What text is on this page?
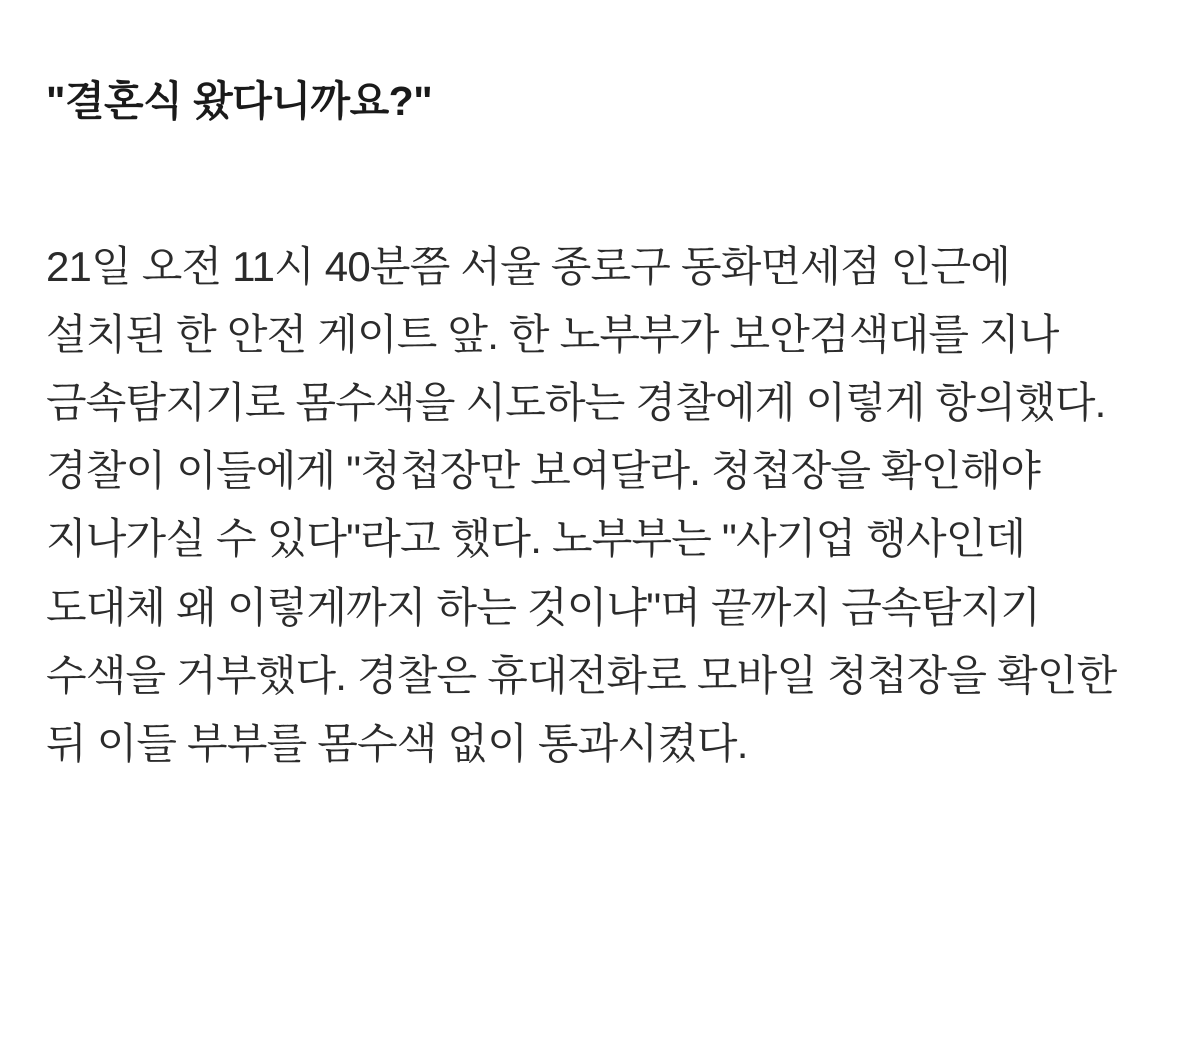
"결혼식 왔다니까요?"

21일 오전 11시 40분쯤 서울 종로구 동화면세점 인근에 설치된 한 안전 게이트 앞. 한 노부부가 보안검색대를 지나 금속탐지기로 몸수색을 시도하는 경찰에게 이렇게 항의했다. 경찰이 이들에게 "청첩장만 보여달라. 청첩장을 확인해야 지나가실 수 있다"라고 했다. 노부부는 "사기업 행사인데 도대체 왜 이렇게까지 하는 것이냐"며 끝까지 금속탐지기 수색을 거부했다. 경찰은 휴대전화로 모바일 청첩장을 확인한 뒤 이들 부부를 몸수색 없이 통과시켰다.
